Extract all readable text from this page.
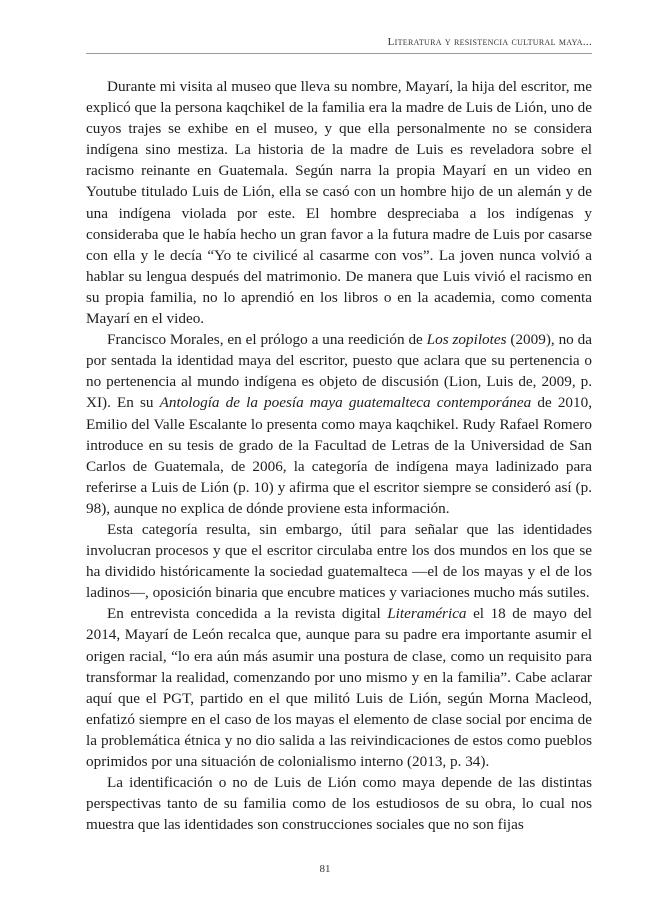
Literatura y resistencia cultural maya...

Durante mi visita al museo que lleva su nombre, Mayarí, la hija del escritor, me explicó que la persona kaqchikel de la familia era la madre de Luis de Lión, uno de cuyos trajes se exhibe en el museo, y que ella personalmente no se considera indígena sino mestiza. La historia de la madre de Luis es reveladora sobre el racismo reinante en Guatemala. Según narra la propia Mayarí en un video en Youtube titulado Luis de Lión, ella se casó con un hombre hijo de un alemán y de una indígena violada por este. El hombre despreciaba a los indígenas y consideraba que le había hecho un gran favor a la futura madre de Luis por casarse con ella y le decía “Yo te civilicé al casarme con vos”. La joven nunca volvió a hablar su lengua después del matrimonio. De manera que Luis vivió el racismo en su propia familia, no lo aprendió en los libros o en la academia, como comenta Mayarí en el video.

Francisco Morales, en el prólogo a una reedición de Los zopilotes (2009), no da por sentada la identidad maya del escritor, puesto que aclara que su pertenencia o no pertenencia al mundo indígena es objeto de discusión (Lion, Luis de, 2009, p. XI). En su Antología de la poesía maya guatemalteca contemporánea de 2010, Emilio del Valle Escalante lo presenta como maya kaqchikel. Rudy Rafael Romero introduce en su tesis de grado de la Facultad de Letras de la Universidad de San Carlos de Guatemala, de 2006, la categoría de indígena maya ladinizado para referirse a Luis de Lión (p. 10) y afirma que el escritor siempre se consideró así (p. 98), aunque no explica de dónde proviene esta información.

Esta categoría resulta, sin embargo, útil para señalar que las identidades involucran procesos y que el escritor circulaba entre los dos mundos en los que se ha dividido históricamente la sociedad guatemalteca —el de los mayas y el de los ladinos—, oposición binaria que encubre matices y variaciones mucho más sutiles.

En entrevista concedida a la revista digital Literamérica el 18 de mayo del 2014, Mayarí de León recalca que, aunque para su padre era importante asumir el origen racial, “lo era aún más asumir una postura de clase, como un requisito para transformar la realidad, comenzando por uno mismo y en la familia”. Cabe aclarar aquí que el PGT, partido en el que militó Luis de Lión, según Morna Macleod, enfatizó siempre en el caso de los mayas el elemento de clase social por encima de la problemática étnica y no dio salida a las reivindicaciones de estos como pueblos oprimidos por una situación de colonialismo interno (2013, p. 34).

La identificación o no de Luis de Lión como maya depende de las distintas perspectivas tanto de su familia como de los estudiosos de su obra, lo cual nos muestra que las identidades son construcciones sociales que no son fijas

81
